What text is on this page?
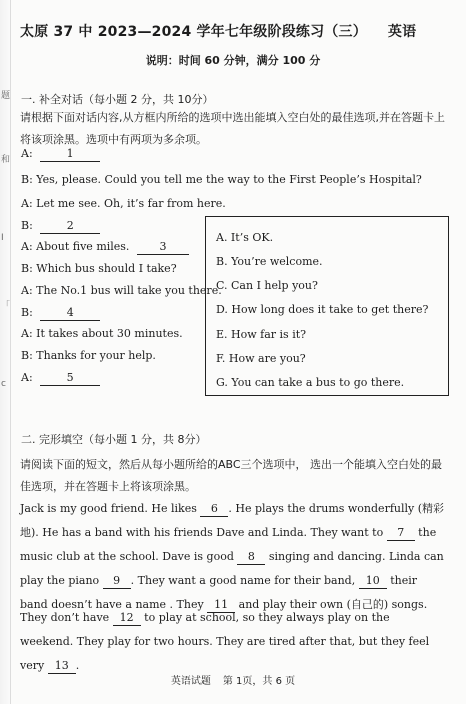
题
和
I
「
c
太原 37 中 2023—2024 学年七年级阶段练习（三） 英语
说明：时间 60 分钟，满分 100 分
一. 补全对话（每小题 2 分，共 10分）
请根据下面对话内容,从方框内所给的选项中选出能填入空白处的最佳选项,并在答题卡上将该项涂黑。选项中有两项为多余项。
A:	1
B: Yes, please. Could you tell me the way to the First People’s Hospital?
A: Let me see. Oh, it’s far from here.
B:	2
A: About five miles. 3
B: Which bus should I take?
A: The No.1 bus will take you there.
B:	4
A: It takes about 30 minutes.
B: Thanks for your help.
A:	5
A. It’s OK.
B. You’re welcome.
C. Can I help you?
D. How long does it take to get there?
E. How far is it?
F. How are you?
G. You can take a bus to go there.
二. 完形填空（每小题 1 分，共 8分）
请阅读下面的短文，然后从每小题所给的ABC三个选项中， 选出一个能填入空白处的最佳选项，并在答题卡上将该项涂黑。
Jack is my good friend. He likes 6 . He plays the drums wonderfully (精彩地). He has a band with his friends Dave and Linda. They want to 7 the music club at the school. Dave is good 8 singing and dancing. Linda can play the piano 9 . They want a good name for their band, 10 their band doesn’t have a name . They 11 and play their own (自己的) songs.
They don’t have 12 to play at school, so they always play on the weekend. They play for two hours. They are tired after that, but they feel very 13 .
英语试题 第 1页，共 6 页
